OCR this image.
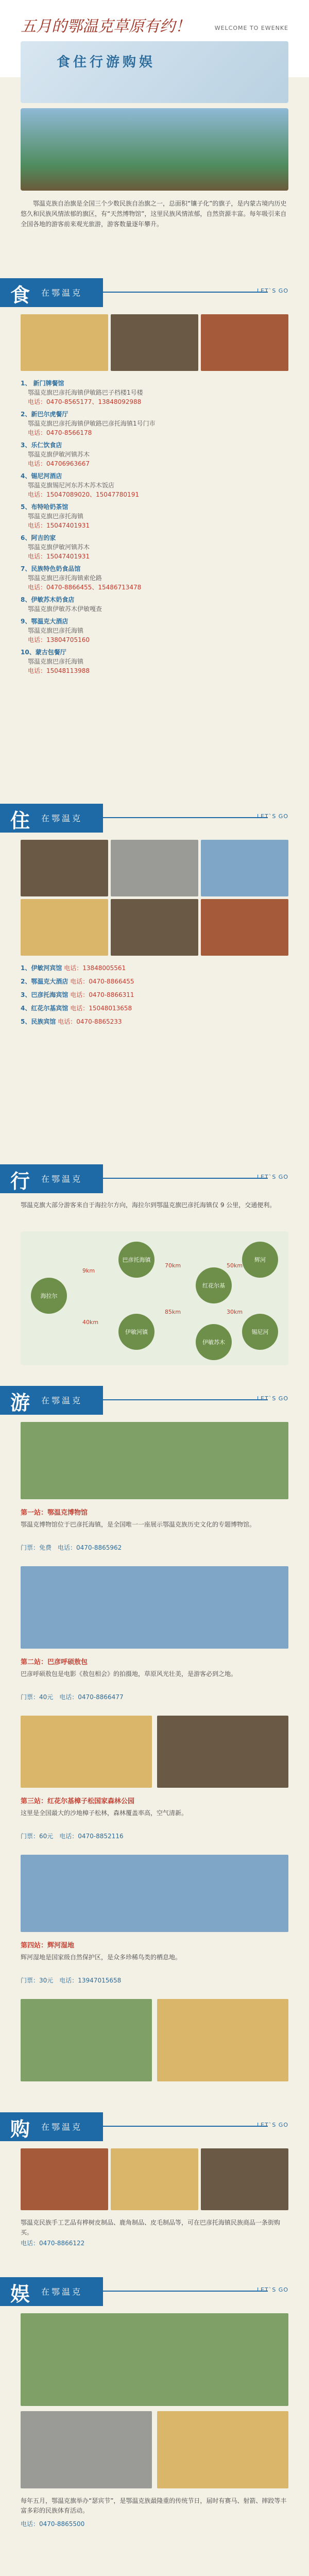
五月的鄂温克草原有约！	WELCOME TO EWENKE
食住行游购娱
鄂温克族自治旗是全国三个少数民族自治旗之一，总面积“镶子化”的旗子，是内蒙古境内历史悠久和民族风情浓郁的旗区，有“天然博物馆”，这里民族风情浓郁，自然资源丰富。每年吸引来自全国各地的游客前来观光旅游，游客数量逐年攀升。
食 在鄂温克	LET`S GO
1、 新门牌餐馆
鄂温克旗巴彦托海镇伊敏路巴子档楼1号楼
电话：0470-8565177、13848092988
2、新巴尔虎餐厅
鄂温克旗巴彦托海镇伊敏路巴彦托海镇1号门市
电话：0470-8566178
3、乐仁饮食店
鄂温克旗伊敏河镇苏木
电话：04706963667
4、锡尼河酒店
鄂温克旗锡尼河东苏木苏木饭店
电话：15047089020、15047780191
5、布特哈奶茶馆
鄂温克旗巴彦托海镇
电话：15047401931
6、阿吉的家
鄂温克旗伊敏河镇苏木
电话：15047401931
7、民族特色奶食品馆
鄂温克旗巴彦托海镇索伦路
电话：0470-8866455、15486713478
8、伊敏苏木奶食店
鄂温克旗伊敏苏木伊敏嘎查
9、鄂温克大酒店
鄂温克旗巴彦托海镇
电话：13804705160
10、蒙古包餐厅
鄂温克旗巴彦托海镇
电话：15048113988
住 在鄂温克	LET`S GO
1、伊敏河宾馆 电话：13848005561
2、鄂温克大酒店 电话：0470-8866455
3、巴彦托海宾馆 电话：0470-8866311
4、红花尔基宾馆 电话：15048013658
5、民族宾馆 电话：0470-8865233
行 在鄂温克	LET`S GO
鄂温克旗大部分游客来自于海拉尔方向，海拉尔到鄂温克旗巴彦托海镇仅 9 公里，交通便利。
海拉尔
巴彦托海镇
伊敏河镇
红花尔基
辉河
锡尼河
伊敏苏木
9km
40km
70km	50km
30km
85km
游 在鄂温克	LET`S GO
第一站：鄂温克博物馆
鄂温克博物馆位于巴彦托海镇，是全国唯一一座展示鄂温克族历史文化的专题博物馆。
门票：免费　电话：0470-8865962
第二站：巴彦呼硕敖包
巴彦呼硕敖包是电影《敖包相会》的拍摄地，草原风光壮美，是游客必到之地。
门票：40元　电话：0470-8866477
第三站：红花尔基樟子松国家森林公园
这里是全国最大的沙地樟子松林，森林覆盖率高，空气清新。
门票：60元　电话：0470-8852116
第四站：辉河湿地
辉河湿地是国家级自然保护区，是众多珍稀鸟类的栖息地。
门票：30元　电话：13947015658
购 在鄂温克	LET`S GO
鄂温克民族手工艺品有桦树皮制品、鹿角制品、皮毛制品等，可在巴彦托海镇民族商品一条街购买。
电话：0470-8866122
娱 在鄂温克	LET`S GO
每年五月，鄂温克旗举办“瑟宾节”，是鄂温克族最隆重的传统节日，届时有赛马、射箭、摔跤等丰富多彩的民族体育活动。
电话：0470-8865500
